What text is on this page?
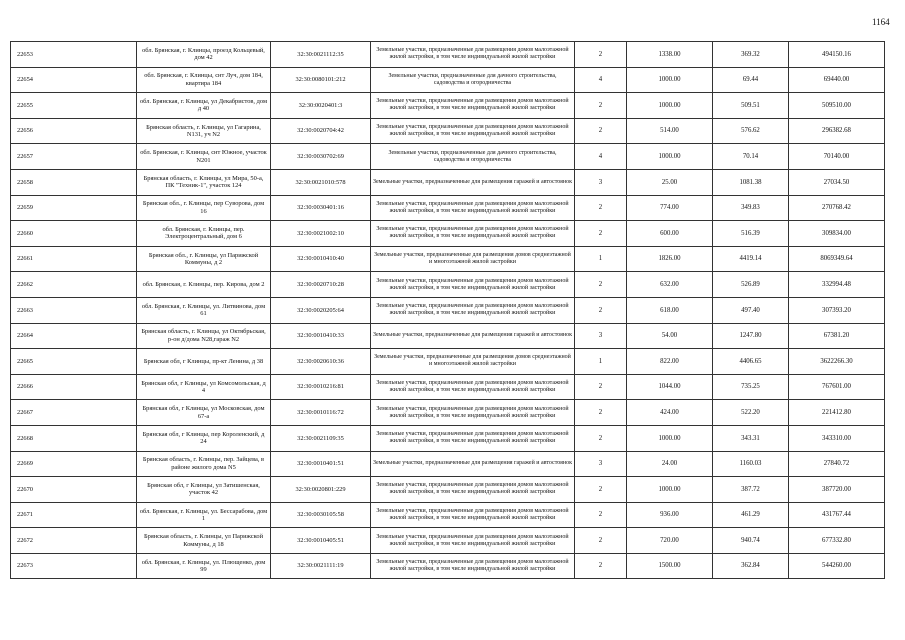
1164
22653	обл. Брянская, г. Клинцы, проезд Кольцевый, дом 42	32:30:0021112:35	Земельные участки, предназначенные для размещения домов малоэтажной жилой застройки, в том числе индивидуальной жилой застройки	2	1338.00	369.32	494150.16
22654	обл. Брянская, г. Клинцы, снт Луч, дом 184, квартира 184	32:30:0080101:212	Земельные участки, предназначенные для дачного строительства, садоводства и огородничества	4	1000.00	69.44	69440.00
22655	обл. Брянская, г. Клинцы, ул Декабристов, дом д 40	32:30:0020401:3	Земельные участки, предназначенные для размещения домов малоэтажной жилой застройки, в том числе индивидуальной жилой застройки	2	1000.00	509.51	509510.00
22656	Брянская область, г. Клинцы, ул Гагарина, N131, уч N2	32:30:0020704:42	Земельные участки, предназначенные для размещения домов малоэтажной жилой застройки, в том числе индивидуальной жилой застройки	2	514.00	576.62	296382.68
22657	обл. Брянская, г. Клинцы, снт Южное, участок N201	32:30:0030702:69	Земельные участки, предназначенные для дачного строительства, садоводства и огородничества	4	1000.00	70.14	70140.00
22658	Брянская область, г. Клинцы, ул Мира, 50-а, ПК "Техник-1", участок 124	32:30:0021010:578	Земельные участки, предназначенные для размещения гаражей и автостоянок	3	25.00	1081.38	27034.50
22659	Брянская обл., г. Клинцы, пер Суворова, дом 16	32:30:0030401:16	Земельные участки, предназначенные для размещения домов малоэтажной жилой застройки, в том числе индивидуальной жилой застройки	2	774.00	349.83	270768.42
22660	обл. Брянская, г. Клинцы, пер. Электроцентральный, дом 6	32:30:0021002:10	Земельные участки, предназначенные для размещения домов малоэтажной жилой застройки, в том числе индивидуальной жилой застройки	2	600.00	516.39	309834.00
22661	Брянская обл., г. Клинцы, ул Парижской Коммуны, д 2	32:30:0010410:40	Земельные участки, предназначенные для размещения домов среднеэтажной и многоэтажной жилой застройки	1	1826.00	4419.14	8069349.64
22662	обл. Брянская, г. Клинцы, пер. Кирова, дом 2	32:30:0020710:28	Земельные участки, предназначенные для размещения домов малоэтажной жилой застройки, в том числе индивидуальной жилой застройки	2	632.00	526.89	332994.48
22663	обл. Брянская, г. Клинцы, ул. Литвинова, дом 61	32:30:0020205:64	Земельные участки, предназначенные для размещения домов малоэтажной жилой застройки, в том числе индивидуальной жилой застройки	2	618.00	497.40	307393.20
22664	Брянская область, г. Клинцы, ул Октябрьская, р-он д/дома N28,гараж N2	32:30:0010410:33	Земельные участки, предназначенные для размещения гаражей и автостоянок	3	54.00	1247.80	67381.20
22665	Брянская обл, г Клинцы, пр-кт Ленина, д 38	32:30:0020610:36	Земельные участки, предназначенные для размещения домов среднеэтажной и многоэтажной жилой застройки	1	822.00	4406.65	3622266.30
22666	Брянская обл, г Клинцы, ул Комсомольская, д 4	32:30:0010216:81	Земельные участки, предназначенные для размещения домов малоэтажной жилой застройки, в том числе индивидуальной жилой застройки	2	1044.00	735.25	767601.00
22667	Брянская обл, г Клинцы, ул Московская, дом 67-а	32:30:0010116:72	Земельные участки, предназначенные для размещения домов малоэтажной жилой застройки, в том числе индивидуальной жилой застройки	2	424.00	522.20	221412.80
22668	Брянская обл, г Клинцы, пер Короленский, д 24	32:30:0021109:35	Земельные участки, предназначенные для размещения домов малоэтажной жилой застройки, в том числе индивидуальной жилой застройки	2	1000.00	343.31	343310.00
22669	Брянская область, г. Клинцы, пер. Зайцева, в районе жилого дома N5	32:30:0010401:51	Земельные участки, предназначенные для размещения гаражей и автостоянок	3	24.00	1160.03	27840.72
22670	Брянская обл, г Клинцы, ул Затишенская, участок 42	32:30:0020801:229	Земельные участки, предназначенные для размещения домов малоэтажной жилой застройки, в том числе индивидуальной жилой застройки	2	1000.00	387.72	387720.00
22671	обл. Брянская, г. Клинцы, ул. Бессарабова, дом 1	32:30:0030105:58	Земельные участки, предназначенные для размещения домов малоэтажной жилой застройки, в том числе индивидуальной жилой застройки	2	936.00	461.29	431767.44
22672	Брянская область, г. Клинцы, ул Парижской Коммуны, д 18	32:30:0010405:51	Земельные участки, предназначенные для размещения домов малоэтажной жилой застройки, в том числе индивидуальной жилой застройки	2	720.00	940.74	677332.80
22673	обл. Брянская, г. Клинцы, ул. Плющенко, дом 99	32:30:0021111:19	Земельные участки, предназначенные для размещения домов малоэтажной жилой застройки, в том числе индивидуальной жилой застройки	2	1500.00	362.84	544260.00
